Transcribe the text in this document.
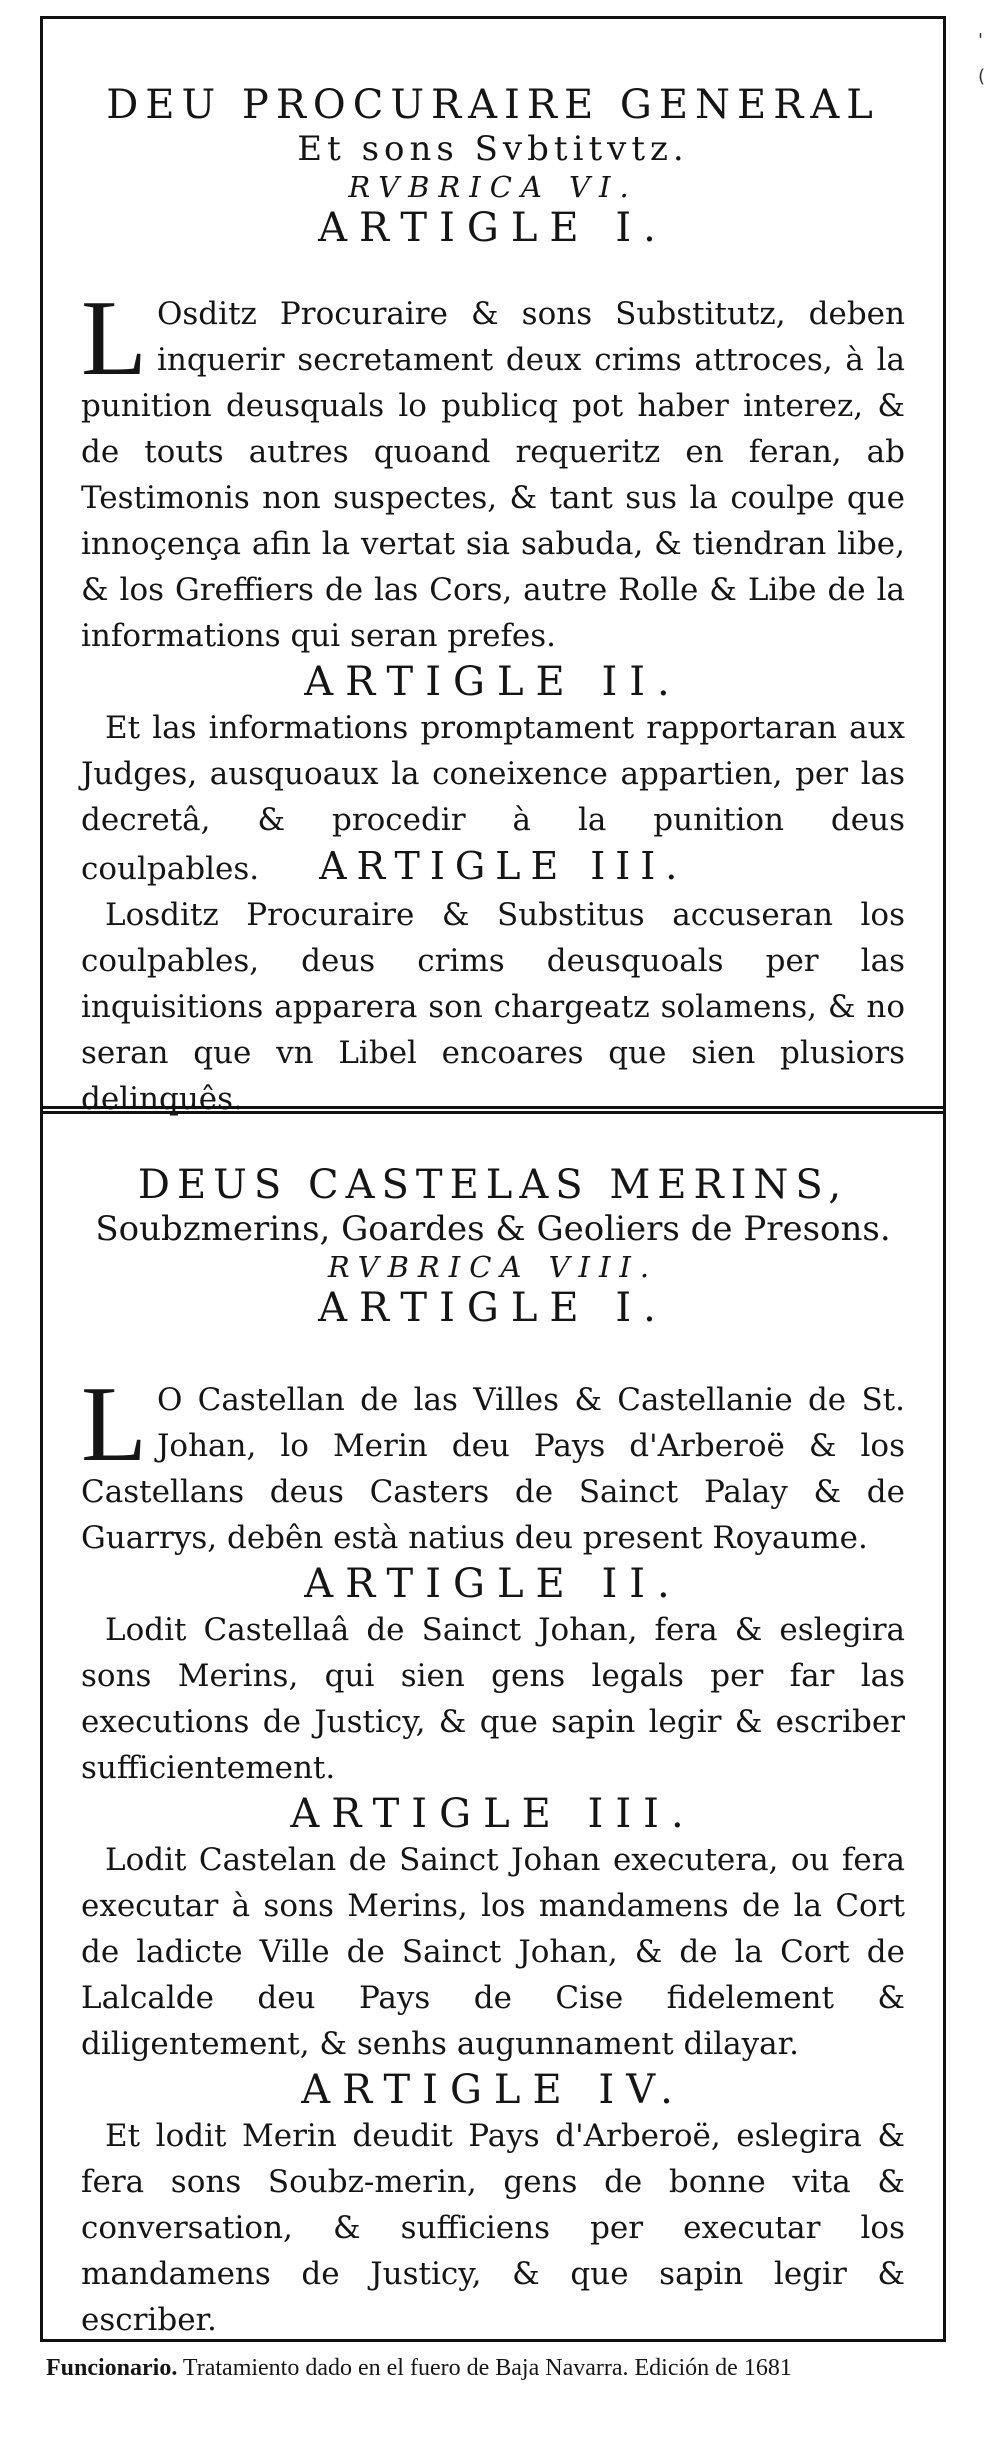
DEU PROCURAIRE GENERAL

Et sons Svbtitvtz.

RVBRICA VI.

ARTIGLE I.

L Osditz Procuraire & sons Substitutz, deben inquerir secretament deux crims attroces, à la punition deusquals lo publicq pot haber interez, & de touts autres quoand requeritz en feran, ab Testimonis non suspectes, & tant sus la coulpe que innoçença afin la vertat sia sabuda, & tiendran libe, & los Greffiers de las Cors, autre Rolle & Libe de la informations qui seran prefes.

ARTIGLE II.

Et las informations promptament rapportaran aux Judges, ausquoaux la coneixence appartien, per las decretâ, & procedir à la punition deus coulpables. ARTIGLE III.

Losditz Procuraire & Substitus accuseran los coulpables, deus crims deusquoals per las inquisitions apparera son chargeatz solamens, & no seran que vn Libel encoares que sien plusiors delinquês.

DEUS CASTELAS MERINS,

Soubzmerins, Goardes & Geoliers de Presons.

RVBRICA VIII.

ARTIGLE I.

L O Castellan de las Villes & Castellanie de St. Johan, lo Merin deu Pays d'Arberoë & los Castellans deus Casters de Sainct Palay & de Guarrys, debên està natius deu present Royaume.

ARTIGLE II.

Lodit Castellaâ de Sainct Johan, fera & eslegira sons Merins, qui sien gens legals per far las executions de Justicy, & que sapin legir & escriber sufficientement.

ARTIGLE III.

Lodit Castelan de Sainct Johan executera, ou fera executar à sons Merins, los mandamens de la Cort de ladicte Ville de Sainct Johan, & de la Cort de Lalcalde deu Pays de Cise fidelement & diligentement, & senhs augunnament dilayar.

ARTIGLE IV.

Et lodit Merin deudit Pays d'Arberoë, eslegira & fera sons Soubz-merin, gens de bonne vita & conversation, & sufficiens per executar los mandamens de Justicy, & que sapin legir & escriber.

Funcionario. Tratamiento dado en el fuero de Baja Navarra. Edición de 1681
'
(
